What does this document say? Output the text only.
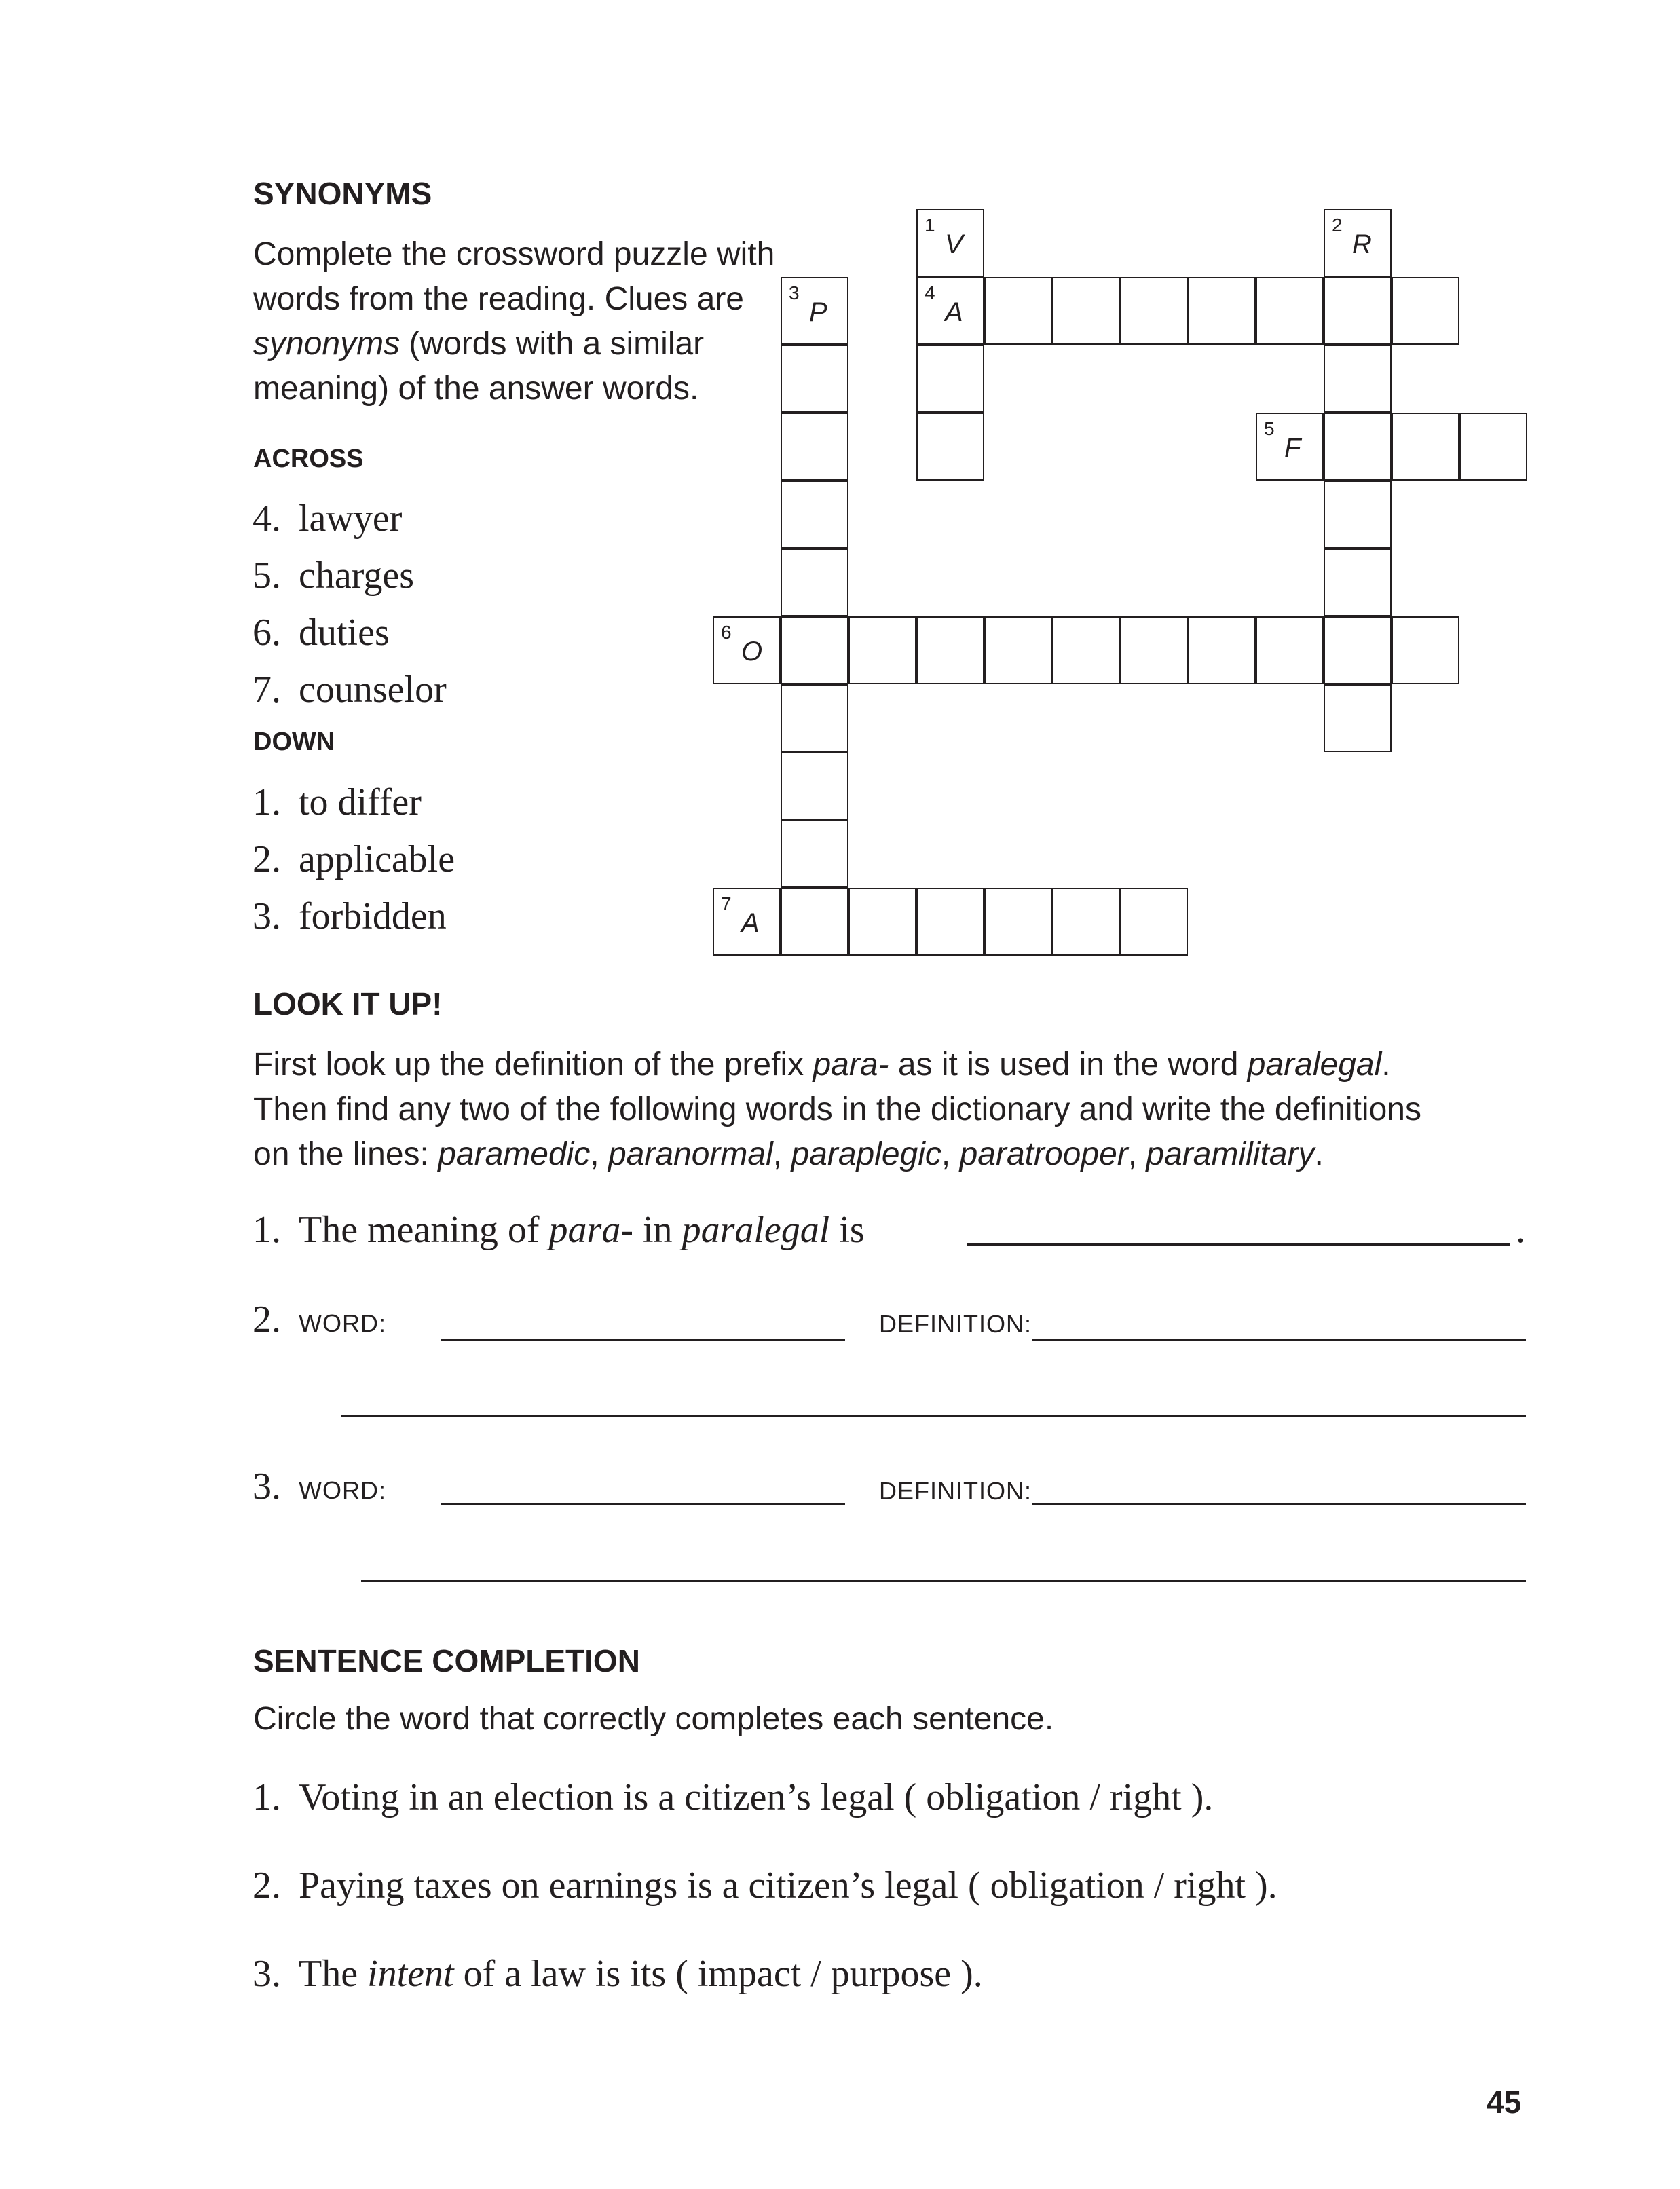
SYNONYMS
Complete the crossword puzzle with
words from the reading. Clues are
synonyms (words with a similar
meaning) of the answer words.
ACROSS
4. lawyer
5. charges
6. duties
7. counselor
DOWN
1. to differ
2. applicable
3. forbidden
1
V
2
R
3
P
4
A
5
F
6
O
7
A
LOOK IT UP!
First look up the definition of the prefix para- as it is used in the word paralegal.
Then find any two of the following words in the dictionary and write the definitions
on the lines: paramedic, paranormal, paraplegic, paratrooper, paramilitary.
1. The meaning of para- in paralegal is	.
2. WORD:	DEFINITION:
3. WORD:	DEFINITION:
SENTENCE COMPLETION
Circle the word that correctly completes each sentence.
1. Voting in an election is a citizen’s legal ( obligation / right ).
2. Paying taxes on earnings is a citizen’s legal ( obligation / right ).
3. The intent of a law is its ( impact / purpose ).
45
